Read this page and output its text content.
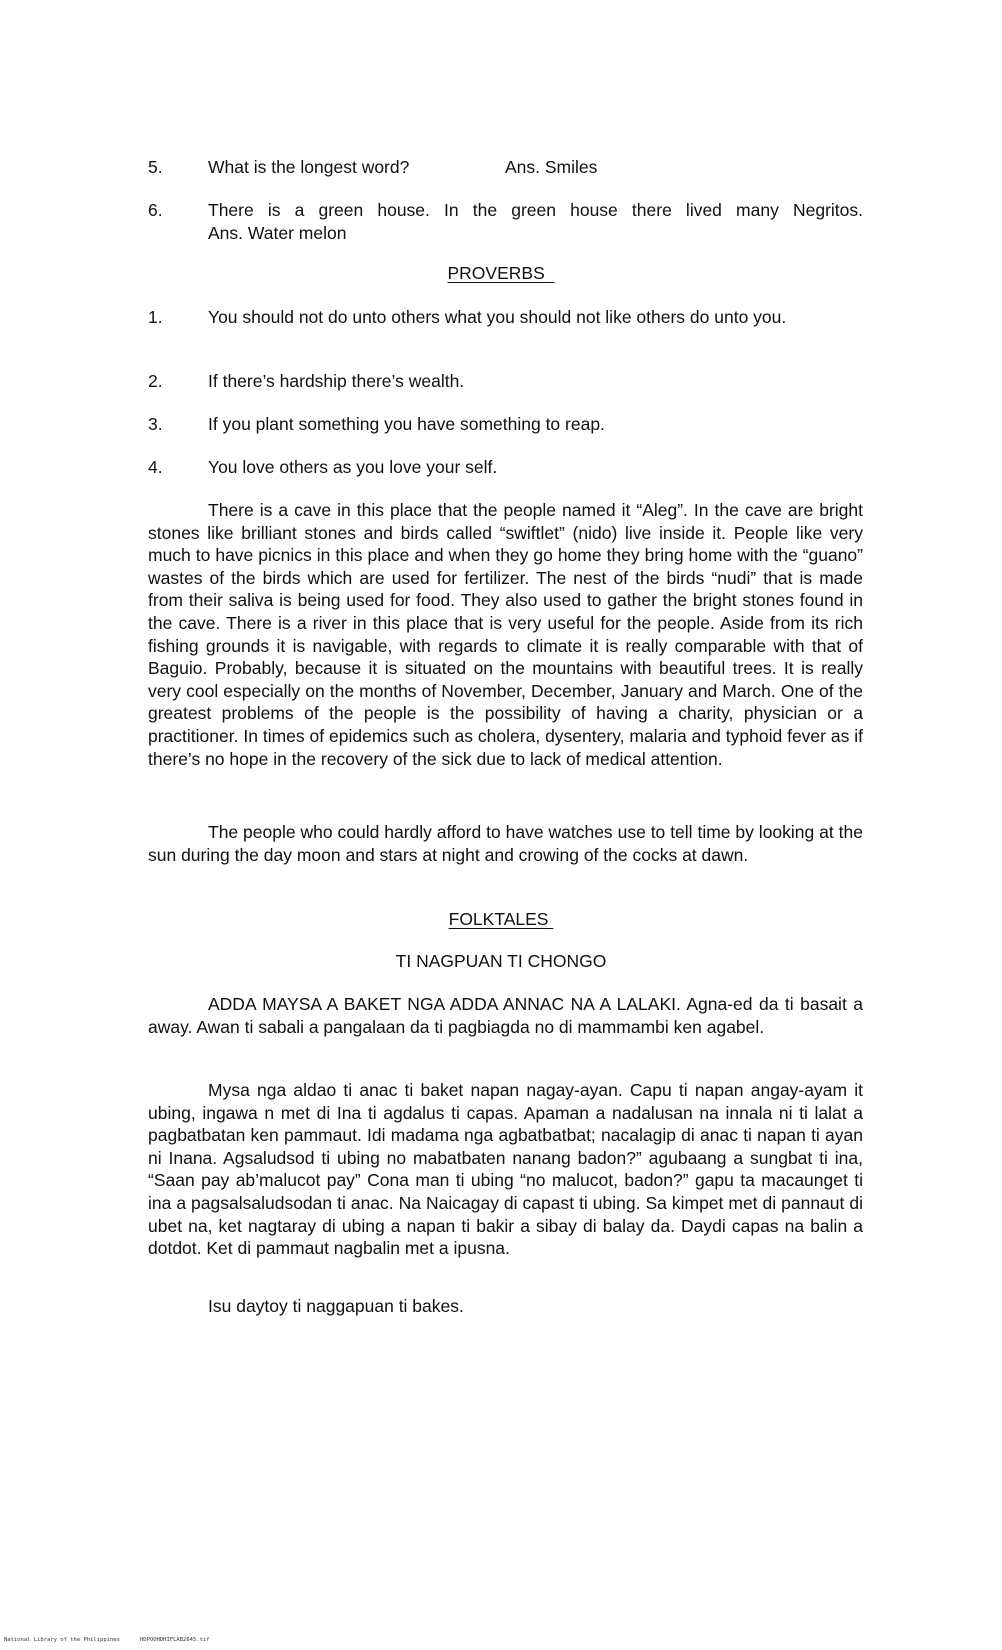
5.	What is the longest word?	Ans. Smiles
6.	There is a green house. In the green house there lived many Negritos.
Ans. Water melon
PROVERBS
1.	You should not do unto others what you should not like others do unto you.
2.	If there’s hardship there’s wealth.
3.	If you plant something you have something to reap.
4.	You love others as you love your self.
There is a cave in this place that the people named it “Aleg”. In the cave are bright stones like brilliant stones and birds called “swiftlet” (nido) live inside it. People like very much to have picnics in this place and when they go home they bring home with the “guano” wastes of the birds which are used for fertilizer. The nest of the birds “nudi” that is made from their saliva is being used for food. They also used to gather the bright stones found in the cave. There is a river in this place that is very useful for the people. Aside from its rich fishing grounds it is navigable, with regards to climate it is really comparable with that of Baguio. Probably, because it is situated on the mountains with beautiful trees. It is really very cool especially on the months of November, December, January and March. One of the greatest problems of the people is the possibility of having a charity, physician or a practitioner. In times of epidemics such as cholera, dysentery, malaria and typhoid fever as if there’s no hope in the recovery of the sick due to lack of medical attention.
The people who could hardly afford to have watches use to tell time by looking at the sun during the day moon and stars at night and crowing of the cocks at dawn.
FOLKTALES
TI NAGPUAN TI CHONGO
ADDA MAYSA A BAKET NGA ADDA ANNAC NA A LALAKI. Agna-ed da ti basait a away. Awan ti sabali a pangalaan da ti pagbiagda no di mammambi ken agabel.
Mysa nga aldao ti anac ti baket napan nagay-ayan. Capu ti napan angay-ayam it ubing, ingawa n met di Ina ti agdalus ti capas. Apaman a nadalusan na innala ni ti lalat a pagbatbatan ken pammaut. Idi madama nga agbatbatbat; nacalagip di anac ti napan ti ayan ni Inana. Agsaludsod ti ubing no mabatbaten nanang badon?” agubaang a sungbat ti ina, “Saan pay ab’malucot pay” Cona man ti ubing “no malucot, badon?” gapu ta macaunget ti ina a pagsalsaludsodan ti anac. Na Naicagay di capast ti ubing. Sa kimpet met di pannaut di ubet na, ket nagtaray di ubing a napan ti bakir a sibay di balay da. Daydi capas na balin a dotdot. Ket di pammaut nagbalin met a ipusna.
Isu daytoy ti naggapuan ti bakes.
National Library of the Philippines	HDPOOHDHIFLAB2645.tif
